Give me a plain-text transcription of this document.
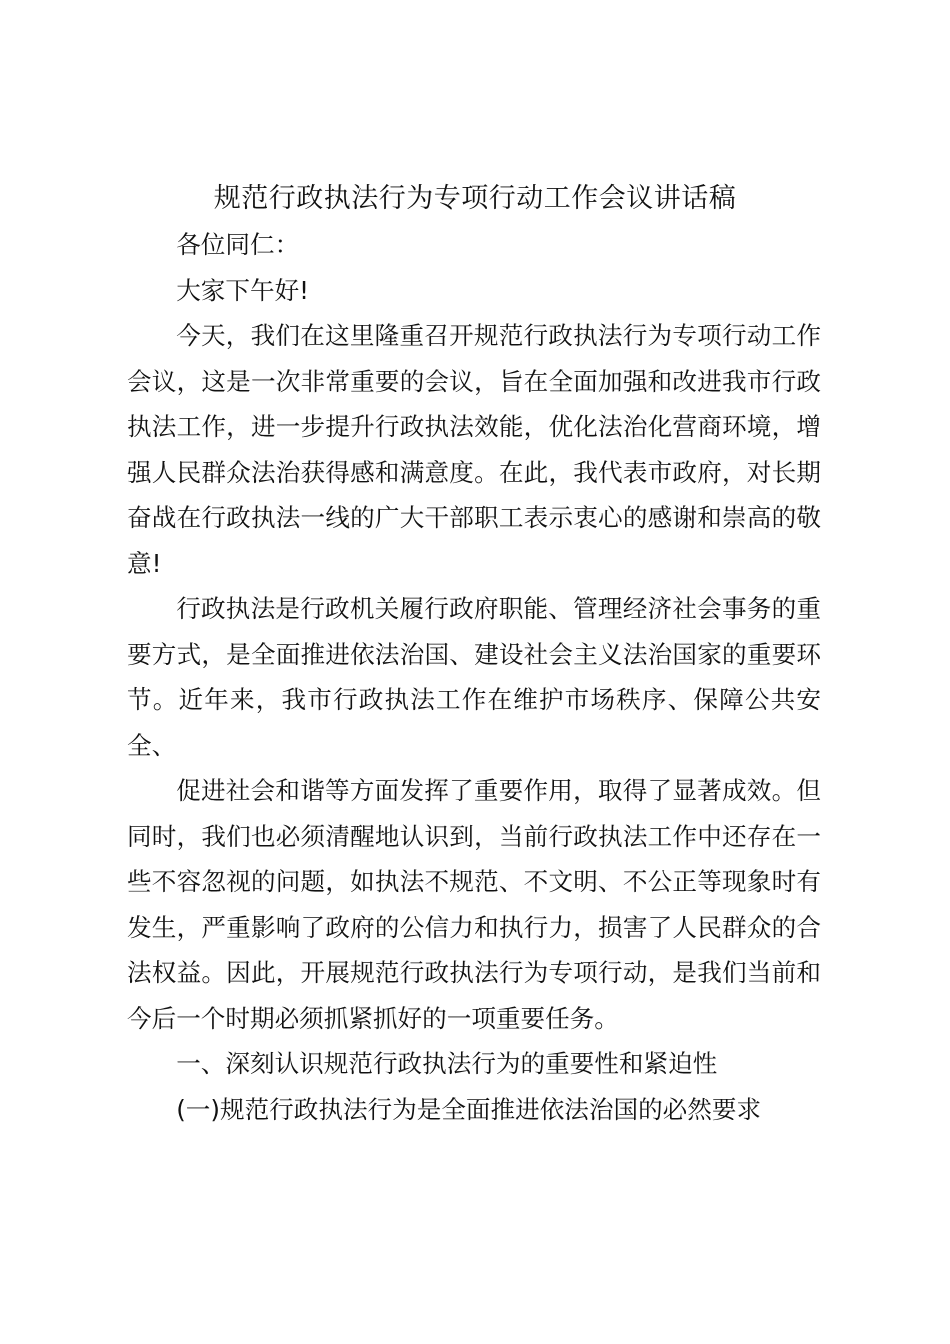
规范行政执法行为专项行动工作会议讲话稿

各位同仁：

大家下午好!

今天，我们在这里隆重召开规范行政执法行为专项行动工作会议，这是一次非常重要的会议，旨在全面加强和改进我市行政执法工作，进一步提升行政执法效能，优化法治化营商环境，增强人民群众法治获得感和满意度。在此，我代表市政府，对长期奋战在行政执法一线的广大干部职工表示衷心的感谢和崇高的敬意!

行政执法是行政机关履行政府职能、管理经济社会事务的重要方式，是全面推进依法治国、建设社会主义法治国家的重要环节。近年来，我市行政执法工作在维护市场秩序、保障公共安全、

促进社会和谐等方面发挥了重要作用，取得了显著成效。但同时，我们也必须清醒地认识到，当前行政执法工作中还存在一些不容忽视的问题，如执法不规范、不文明、不公正等现象时有发生，严重影响了政府的公信力和执行力，损害了人民群众的合法权益。因此，开展规范行政执法行为专项行动，是我们当前和今后一个时期必须抓紧抓好的一项重要任务。

一、深刻认识规范行政执法行为的重要性和紧迫性

(一)规范行政执法行为是全面推进依法治国的必然要求
